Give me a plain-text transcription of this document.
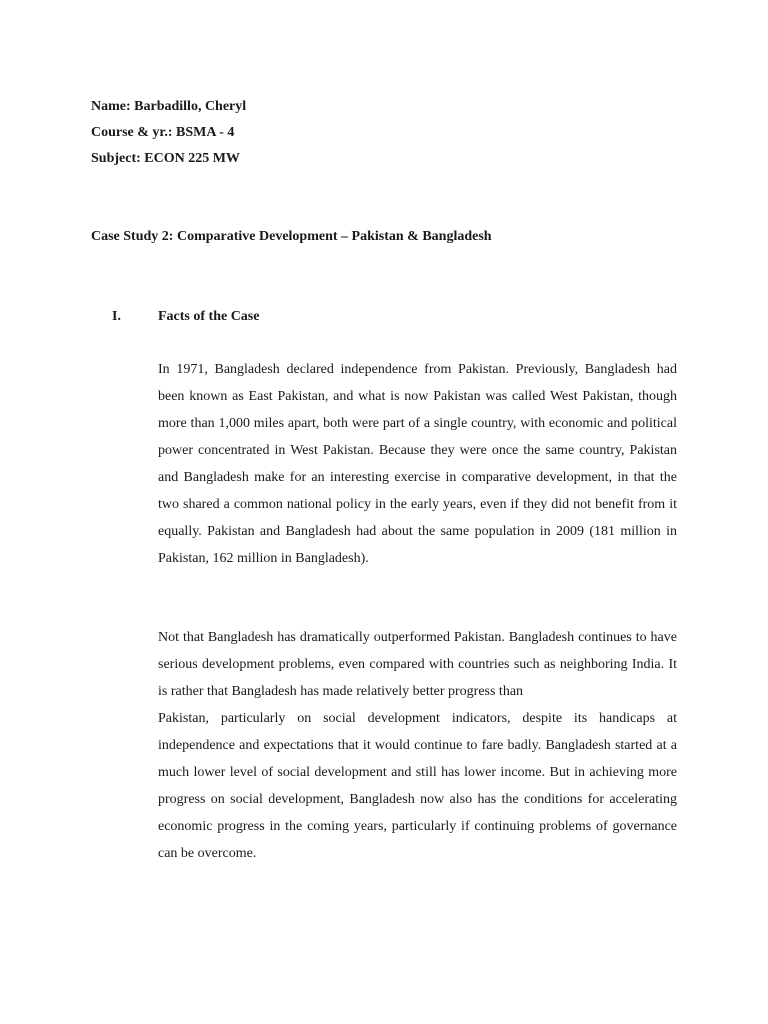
Name: Barbadillo, Cheryl
Course & yr.: BSMA - 4
Subject: ECON 225 MW
Case Study 2: Comparative Development – Pakistan & Bangladesh
I.	Facts of the Case

In 1971, Bangladesh declared independence from Pakistan. Previously, Bangladesh had been known as East Pakistan, and what is now Pakistan was called West Pakistan, though more than 1,000 miles apart, both were part of a single country, with economic and political power concentrated in West Pakistan. Because they were once the same country, Pakistan and Bangladesh make for an interesting exercise in comparative development, in that the two shared a common national policy in the early years, even if they did not benefit from it equally. Pakistan and Bangladesh had about the same population in 2009 (181 million in Pakistan, 162 million in Bangladesh).

Not that Bangladesh has dramatically outperformed Pakistan. Bangladesh continues to have serious development problems, even compared with countries such as neighboring India. It is rather that Bangladesh has made relatively better progress than
Pakistan, particularly on social development indicators, despite its handicaps at independence and expectations that it would continue to fare badly. Bangladesh started at a much lower level of social development and still has lower income. But in achieving more progress on social development, Bangladesh now also has the conditions for accelerating economic progress in the coming years, particularly if continuing problems of governance can be overcome.
